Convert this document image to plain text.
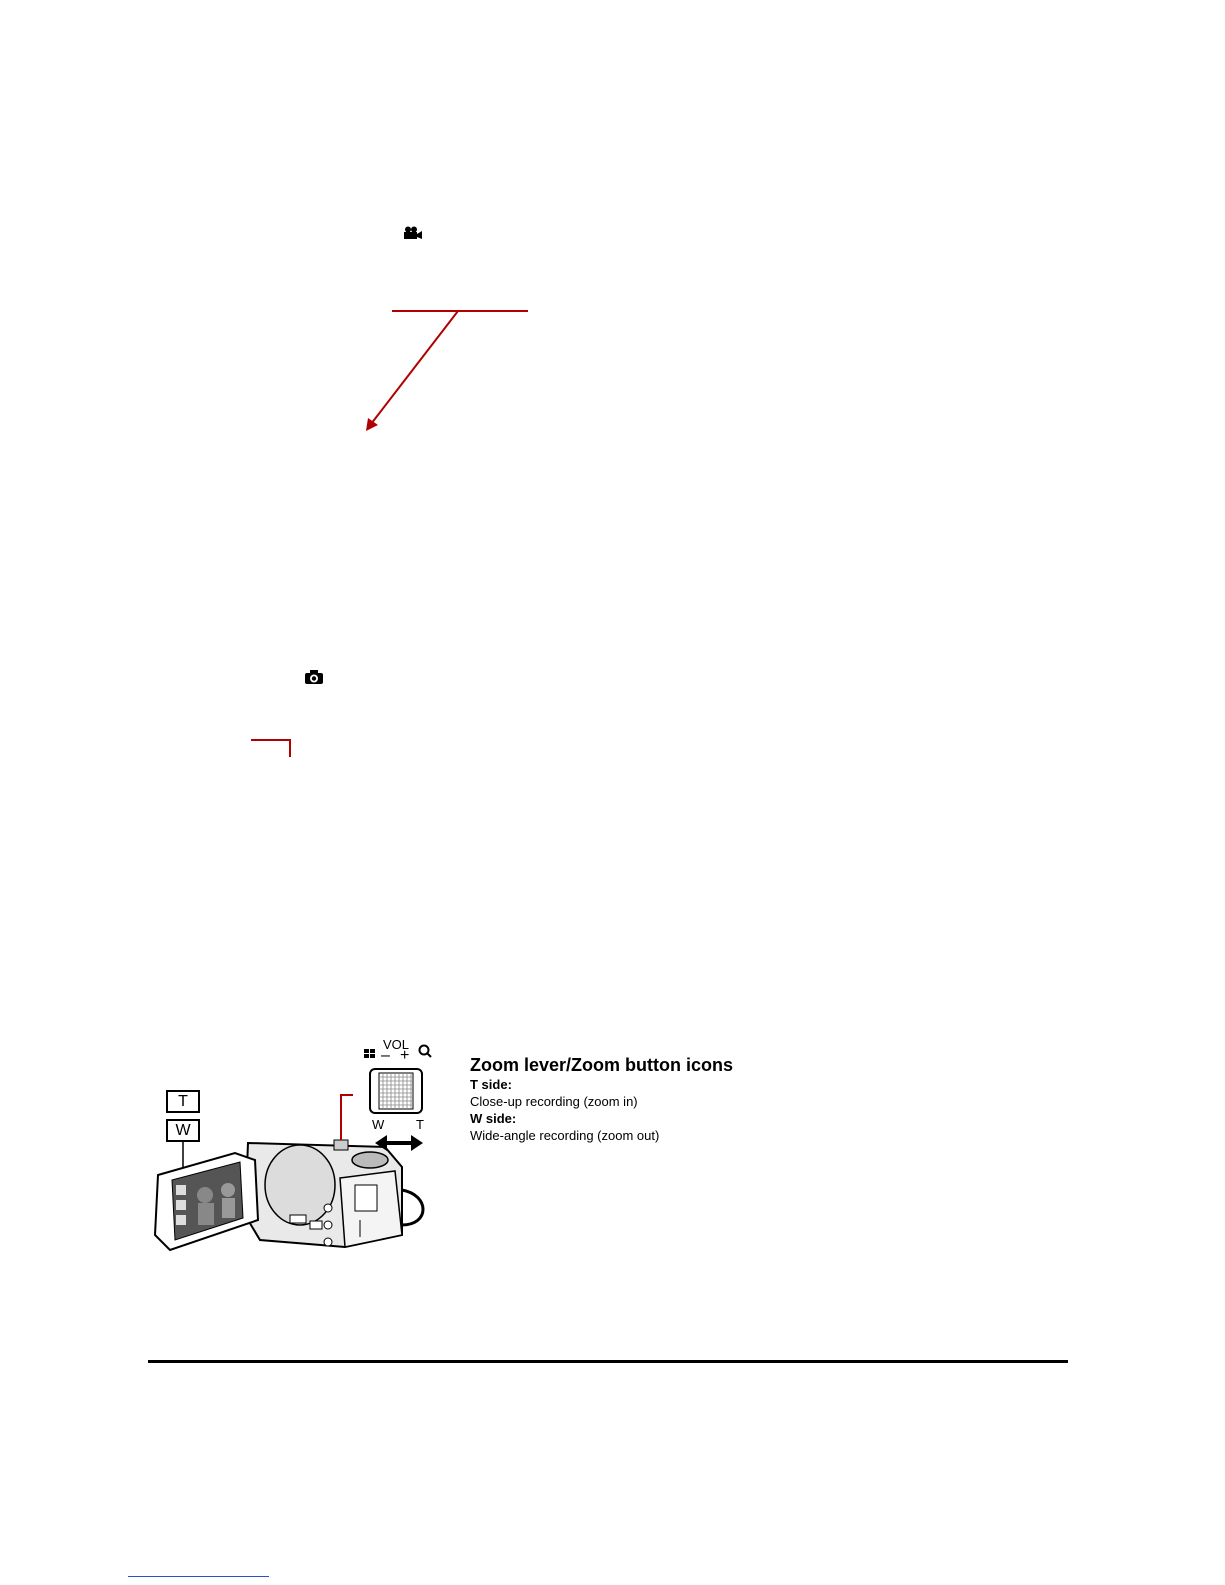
T
W
VOL
– +
W T
Zoom lever/Zoom button icons
T side:
Close-up recording (zoom in)
W side:
Wide-angle recording (zoom out)
